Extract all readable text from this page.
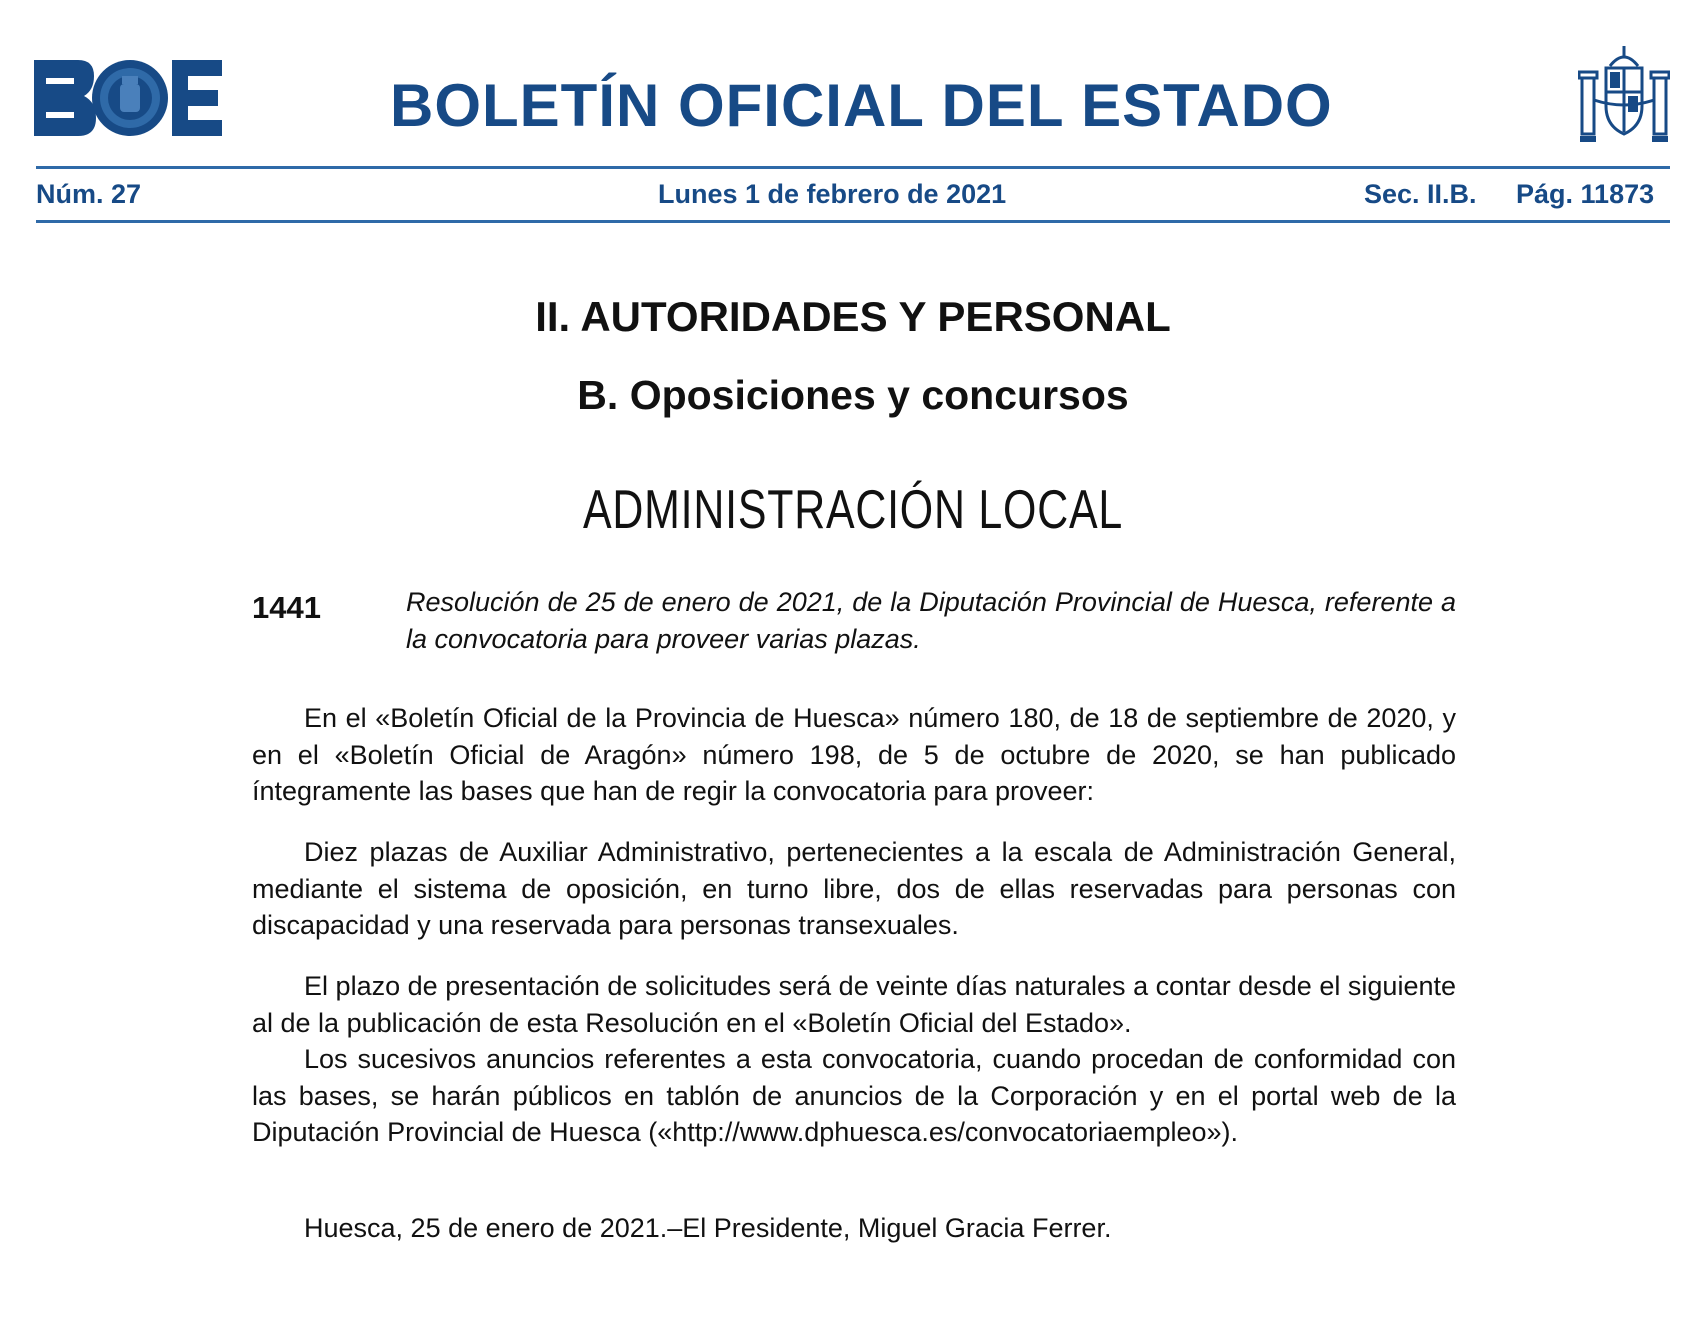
BOLETÍN OFICIAL DEL ESTADO
Núm. 27	Lunes 1 de febrero de 2021	Sec. II.B. Pág. 11873
II. AUTORIDADES Y PERSONAL
B. Oposiciones y concursos
ADMINISTRACIÓN LOCAL
1441	Resolución de 25 de enero de 2021, de la Diputación Provincial de Huesca, referente a la convocatoria para proveer varias plazas.

En el «Boletín Oficial de la Provincia de Huesca» número 180, de 18 de septiembre de 2020, y en el «Boletín Oficial de Aragón» número 198, de 5 de octubre de 2020, se han publicado íntegramente las bases que han de regir la convocatoria para proveer:

Diez plazas de Auxiliar Administrativo, pertenecientes a la escala de Administración General, mediante el sistema de oposición, en turno libre, dos de ellas reservadas para personas con discapacidad y una reservada para personas transexuales.

El plazo de presentación de solicitudes será de veinte días naturales a contar desde el siguiente al de la publicación de esta Resolución en el «Boletín Oficial del Estado».

Los sucesivos anuncios referentes a esta convocatoria, cuando procedan de conformidad con las bases, se harán públicos en tablón de anuncios de la Corporación y en el portal web de la Diputación Provincial de Huesca («http://www.dphuesca.es/convocatoriaempleo»).

Huesca, 25 de enero de 2021.–El Presidente, Miguel Gracia Ferrer.
